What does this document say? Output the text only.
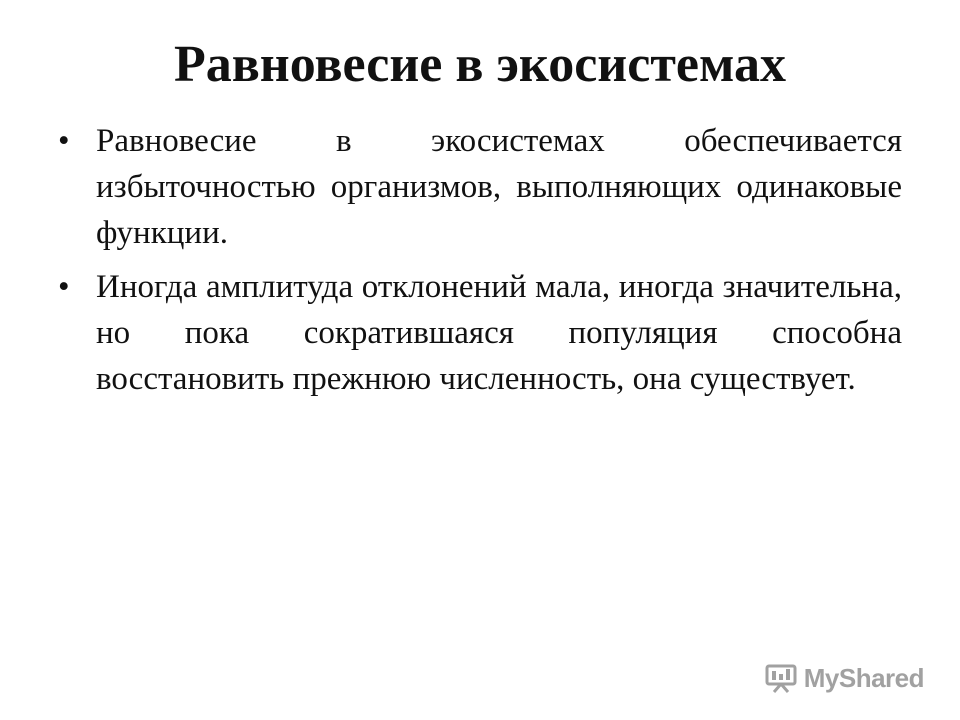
Равновесие в экосистемах
• Равновесие в экосистемах обеспечивается избыточностью организмов, выполняющих одинаковые функции.
• Иногда амплитуда отклонений мала, иногда значительна, но пока сократившаяся популяция способна восстановить прежнюю численность, она существует.
MyShared
